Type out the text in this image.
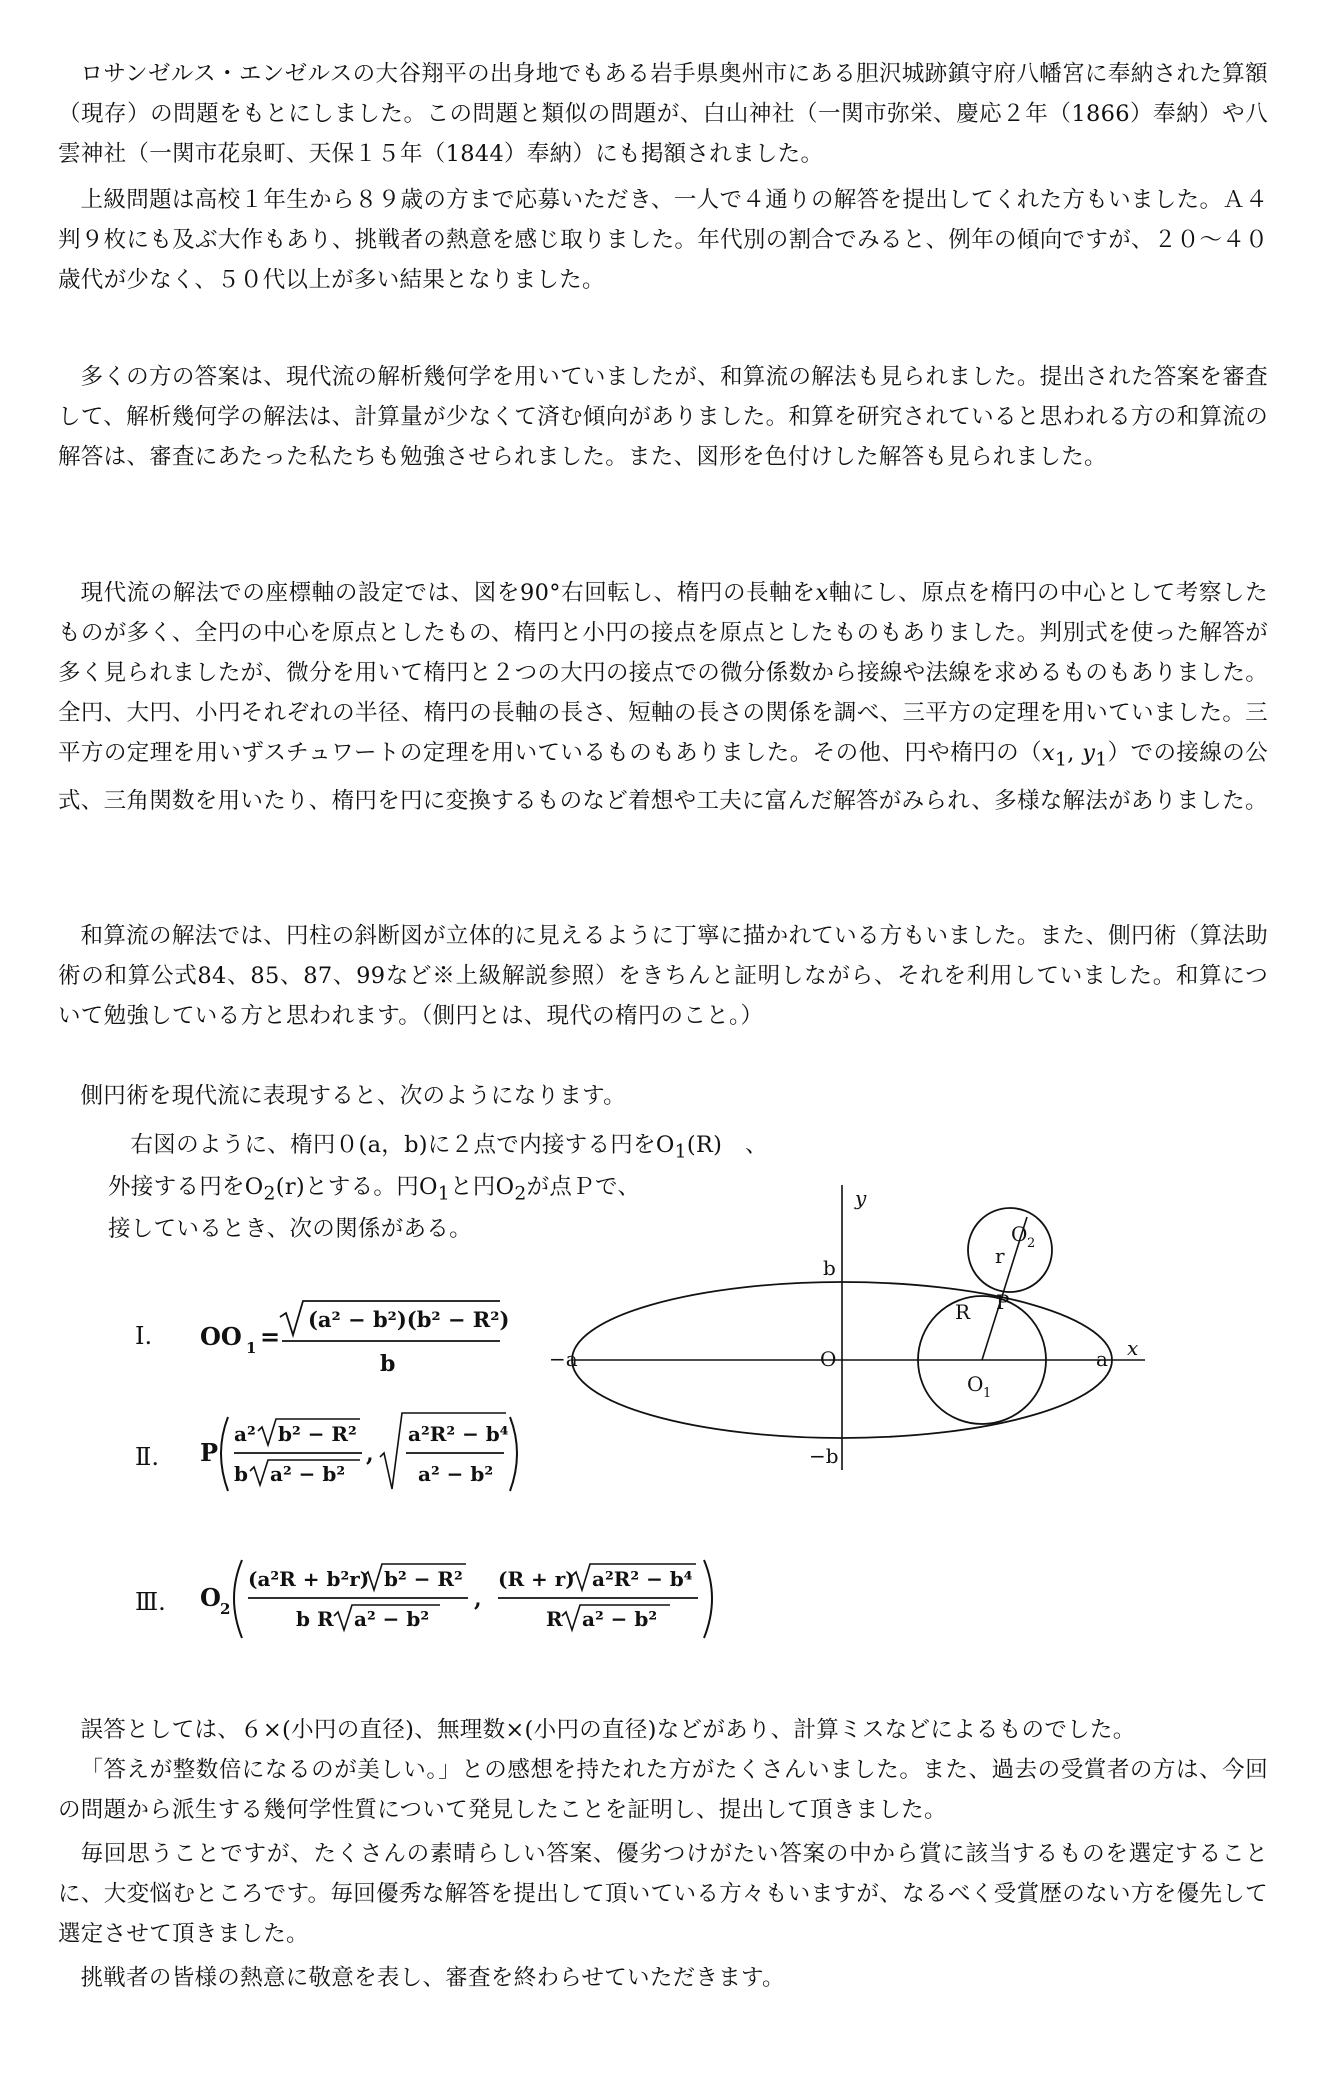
ロサンゼルス・エンゼルスの大谷翔平の出身地でもある岩手県奥州市にある胆沢城跡鎮守府八幡宮に奉納された算額（現存）の問題をもとにしました。この問題と類似の問題が、白山神社（一関市弥栄、慶応２年（1866）奉納）や八雲神社（一関市花泉町、天保１５年（1844）奉納）にも掲額されました。

上級問題は高校１年生から８９歳の方まで応募いただき、一人で４通りの解答を提出してくれた方もいました。Ａ４判９枚にも及ぶ大作もあり、挑戦者の熱意を感じ取りました。年代別の割合でみると、例年の傾向ですが、２０～４０歳代が少なく、５０代以上が多い結果となりました。

多くの方の答案は、現代流の解析幾何学を用いていましたが、和算流の解法も見られました。提出された答案を審査して、解析幾何学の解法は、計算量が少なくて済む傾向がありました。和算を研究されていると思われる方の和算流の解答は、審査にあたった私たちも勉強させられました。また、図形を色付けした解答も見られました。

現代流の解法での座標軸の設定では、図を90°右回転し、楕円の長軸をx軸にし、原点を楕円の中心として考察したものが多く、全円の中心を原点としたもの、楕円と小円の接点を原点としたものもありました。判別式を使った解答が多く見られましたが、微分を用いて楕円と２つの大円の接点での微分係数から接線や法線を求めるものもありました。全円、大円、小円それぞれの半径、楕円の長軸の長さ、短軸の長さの関係を調べ、三平方の定理を用いていました。三平方の定理を用いずスチュワートの定理を用いているものもありました。その他、円や楕円の（$x_1$, $y_1$）での接線の公式、三角関数を用いたり、楕円を円に変換するものなど着想や工夫に富んだ解答がみられ、多様な解法がありました。

和算流の解法では、円柱の斜断図が立体的に見えるように丁寧に描かれている方もいました。また、側円術（算法助術の和算公式84、85、87、99など※上級解説参照）をきちんと証明しながら、それを利用していました。和算について勉強している方と思われます。（側円とは、現代の楕円のこと。）

側円術を現代流に表現すると、次のようになります。

右図のように、楕円０(a，b)に２点で内接する円を$O_1(R)$　、

外接する円を$O_2(r)$とする。円$O_1$と円$O_2$が点Ｐで、

接しているとき、次の関係がある。

Ⅰ. OO 1 =
(a² − b²)(b² − R²)
b
Ⅱ. P
a² b² − R²
b a² − b²
,
a²R² − b⁴
a² − b²
Ⅲ. O 2
(a²R + b²r) b² − R²
b R a² − b²
,
(R + r) a²R² − b⁴
R a² − b²
y
x
b
−b
a
−a	O
O 1
O 2
R
r
P

誤答としては、６×(小円の直径)、無理数×(小円の直径)などがあり、計算ミスなどによるものでした。

「答えが整数倍になるのが美しい。」との感想を持たれた方がたくさんいました。また、過去の受賞者の方は、今回の問題から派生する幾何学性質について発見したことを証明し、提出して頂きました。

毎回思うことですが、たくさんの素晴らしい答案、優劣つけがたい答案の中から賞に該当するものを選定することに、大変悩むところです。毎回優秀な解答を提出して頂いている方々もいますが、なるべく受賞歴のない方を優先して選定させて頂きました。

挑戦者の皆様の熱意に敬意を表し、審査を終わらせていただきます。
